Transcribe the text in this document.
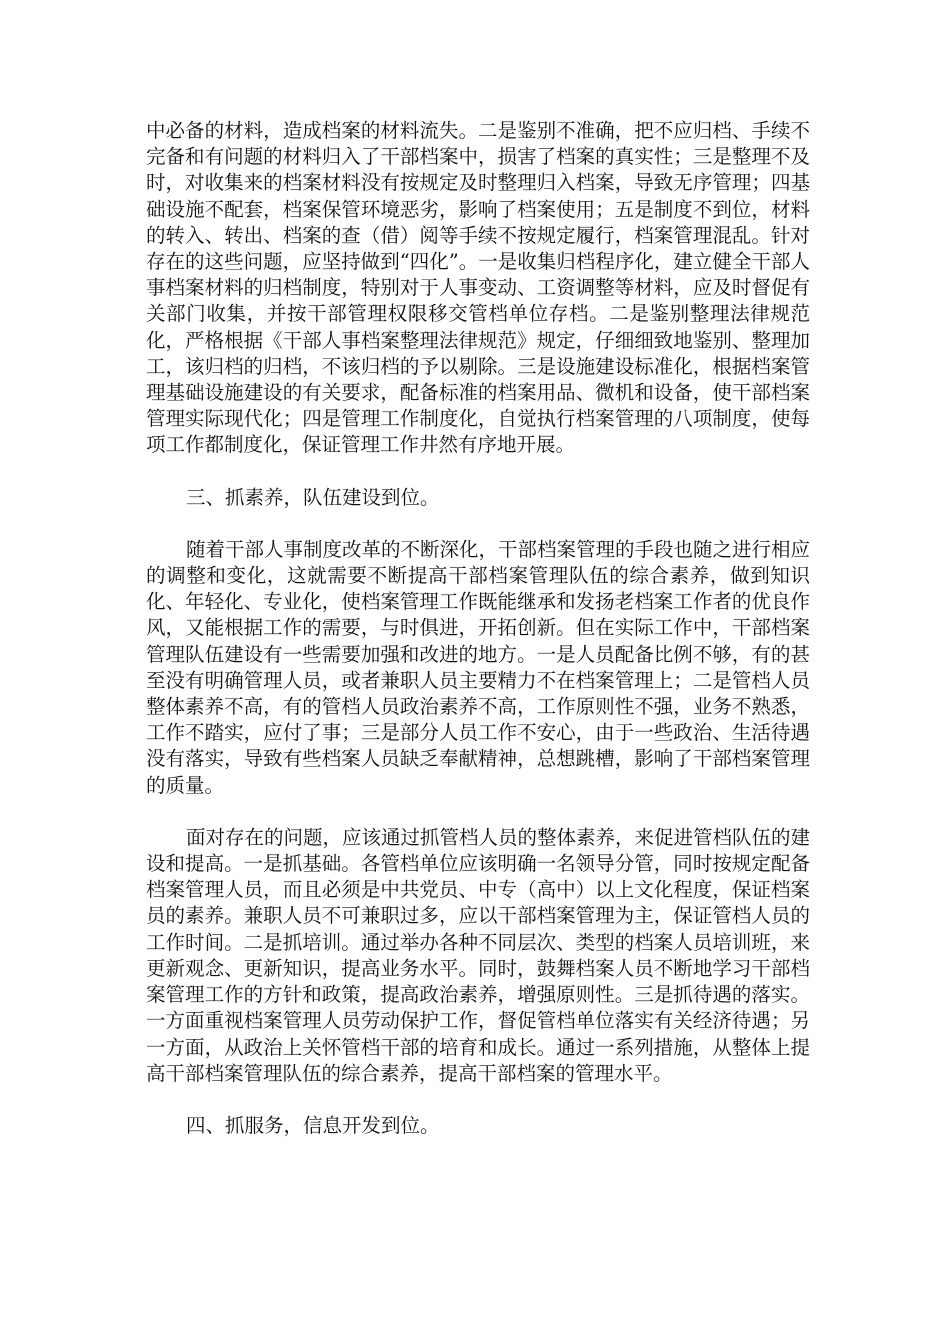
中必备的材料，造成档案的材料流失。二是鉴别不准确，把不应归档、手续不完备和有问题的材料归入了干部档案中，损害了档案的真实性；三是整理不及时，对收集来的档案材料没有按规定及时整理归入档案，导致无序管理；四基础设施不配套，档案保管环境恶劣，影响了档案使用；五是制度不到位，材料的转入、转出、档案的查（借）阅等手续不按规定履行，档案管理混乱。针对存在的这些问题，应坚持做到“四化”。一是收集归档程序化，建立健全干部人事档案材料的归档制度，特别对于人事变动、工资调整等材料，应及时督促有关部门收集，并按干部管理权限移交管档单位存档。二是鉴别整理法律规范化，严格根据《干部人事档案整理法律规范》规定，仔细细致地鉴别、整理加工，该归档的归档，不该归档的予以剔除。三是设施建设标准化，根据档案管理基础设施建设的有关要求，配备标准的档案用品、微机和设备，使干部档案管理实际现代化；四是管理工作制度化，自觉执行档案管理的八项制度，使每项工作都制度化，保证管理工作井然有序地开展。

三、抓素养，队伍建设到位。

随着干部人事制度改革的不断深化，干部档案管理的手段也随之进行相应的调整和变化，这就需要不断提高干部档案管理队伍的综合素养，做到知识化、年轻化、专业化，使档案管理工作既能继承和发扬老档案工作者的优良作风，又能根据工作的需要，与时俱进，开拓创新。但在实际工作中，干部档案管理队伍建设有一些需要加强和改进的地方。一是人员配备比例不够，有的甚至没有明确管理人员，或者兼职人员主要精力不在档案管理上；二是管档人员整体素养不高，有的管档人员政治素养不高，工作原则性不强，业务不熟悉，工作不踏实，应付了事；三是部分人员工作不安心，由于一些政治、生活待遇没有落实，导致有些档案人员缺乏奉献精神，总想跳槽，影响了干部档案管理的质量。

面对存在的问题，应该通过抓管档人员的整体素养，来促进管档队伍的建设和提高。一是抓基础。各管档单位应该明确一名领导分管，同时按规定配备档案管理人员，而且必须是中共党员、中专（高中）以上文化程度，保证档案员的素养。兼职人员不可兼职过多，应以干部档案管理为主，保证管档人员的工作时间。二是抓培训。通过举办各种不同层次、类型的档案人员培训班，来更新观念、更新知识，提高业务水平。同时，鼓舞档案人员不断地学习干部档案管理工作的方针和政策，提高政治素养，增强原则性。三是抓待遇的落实。一方面重视档案管理人员劳动保护工作，督促管档单位落实有关经济待遇；另一方面，从政治上关怀管档干部的培育和成长。通过一系列措施，从整体上提高干部档案管理队伍的综合素养，提高干部档案的管理水平。

四、抓服务，信息开发到位。
